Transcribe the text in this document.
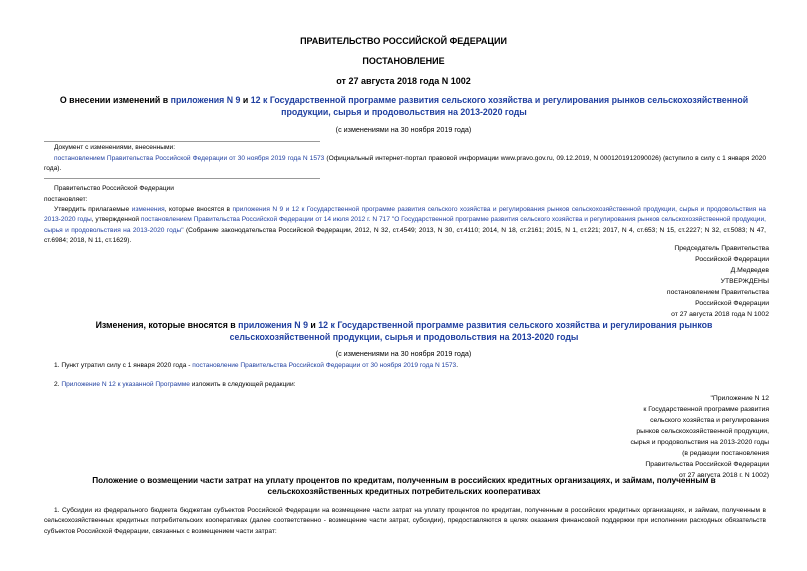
ПРАВИТЕЛЬСТВО РОССИЙСКОЙ ФЕДЕРАЦИИ
ПОСТАНОВЛЕНИЕ
от 27 августа 2018 года N 1002
О внесении изменений в приложения N 9 и 12 к Государственной программе развития сельского хозяйства и регулирования рынков сельскохозяйственной продукции, сырья и продовольствия на 2013-2020 годы
(с изменениями на 30 ноября 2019 года)
Документ с изменениями, внесенными:
постановлением Правительства Российской Федерации от 30 ноября 2019 года N 1573 (Официальный интернет-портал правовой информации www.pravo.gov.ru, 09.12.2019, N 0001201912090026) (вступило в силу с 1 января 2020 года).
Правительство Российской Федерации
постановляет:
Утвердить прилагаемые изменения, которые вносятся в приложения N 9 и 12 к Государственной программе развития сельского хозяйства и регулирования рынков сельскохозяйственной продукции, сырья и продовольствия на 2013-2020 годы, утвержденной постановлением Правительства Российской Федерации от 14 июля 2012 г. N 717 "О Государственной программе развития сельского хозяйства и регулирования рынков сельскохозяйственной продукции, сырья и продовольствия на 2013-2020 годы" (Собрание законодательства Российской Федерации, 2012, N 32, ст.4549; 2013, N 30, ст.4110; 2014, N 18, ст.2161; 2015, N 1, ст.221; 2017, N 4, ст.653; N 15, ст.2227; N 32, ст.5083; N 47, ст.6984; 2018, N 11, ст.1629).
Председатель Правительства
Российской Федерации
Д.Медведев
УТВЕРЖДЕНЫ
постановлением Правительства
Российской Федерации
от 27 августа 2018 года N 1002
Изменения, которые вносятся в приложения N 9 и 12 к Государственной программе развития сельского хозяйства и регулирования рынков сельскохозяйственной продукции, сырья и продовольствия на 2013-2020 годы
(с изменениями на 30 ноября 2019 года)
1. Пункт утратил силу с 1 января 2020 года - постановление Правительства Российской Федерации от 30 ноября 2019 года N 1573.
2. Приложение N 12 к указанной Программе изложить в следующей редакции:
"Приложение N 12
к Государственной программе развития
сельского хозяйства и регулирования
рынков сельскохозяйственной продукции,
сырья и продовольствия на 2013-2020 годы
(в редакции постановления
Правительства Российской Федерации
от 27 августа 2018 г. N 1002)
Положение о возмещении части затрат на уплату процентов по кредитам, полученным в российских кредитных организациях, и займам, полученным в сельскохозяйственных кредитных потребительских кооперативах
1. Субсидии из федерального бюджета бюджетам субъектов Российской Федерации на возмещение части затрат на уплату процентов по кредитам, полученным в российских кредитных организациях, и займам, полученным в сельскохозяйственных кредитных потребительских кооперативах (далее соответственно - возмещение части затрат, субсидии), предоставляются в целях оказания финансовой поддержки при исполнении расходных обязательств субъектов Российской Федерации, связанных с возмещением части затрат:
